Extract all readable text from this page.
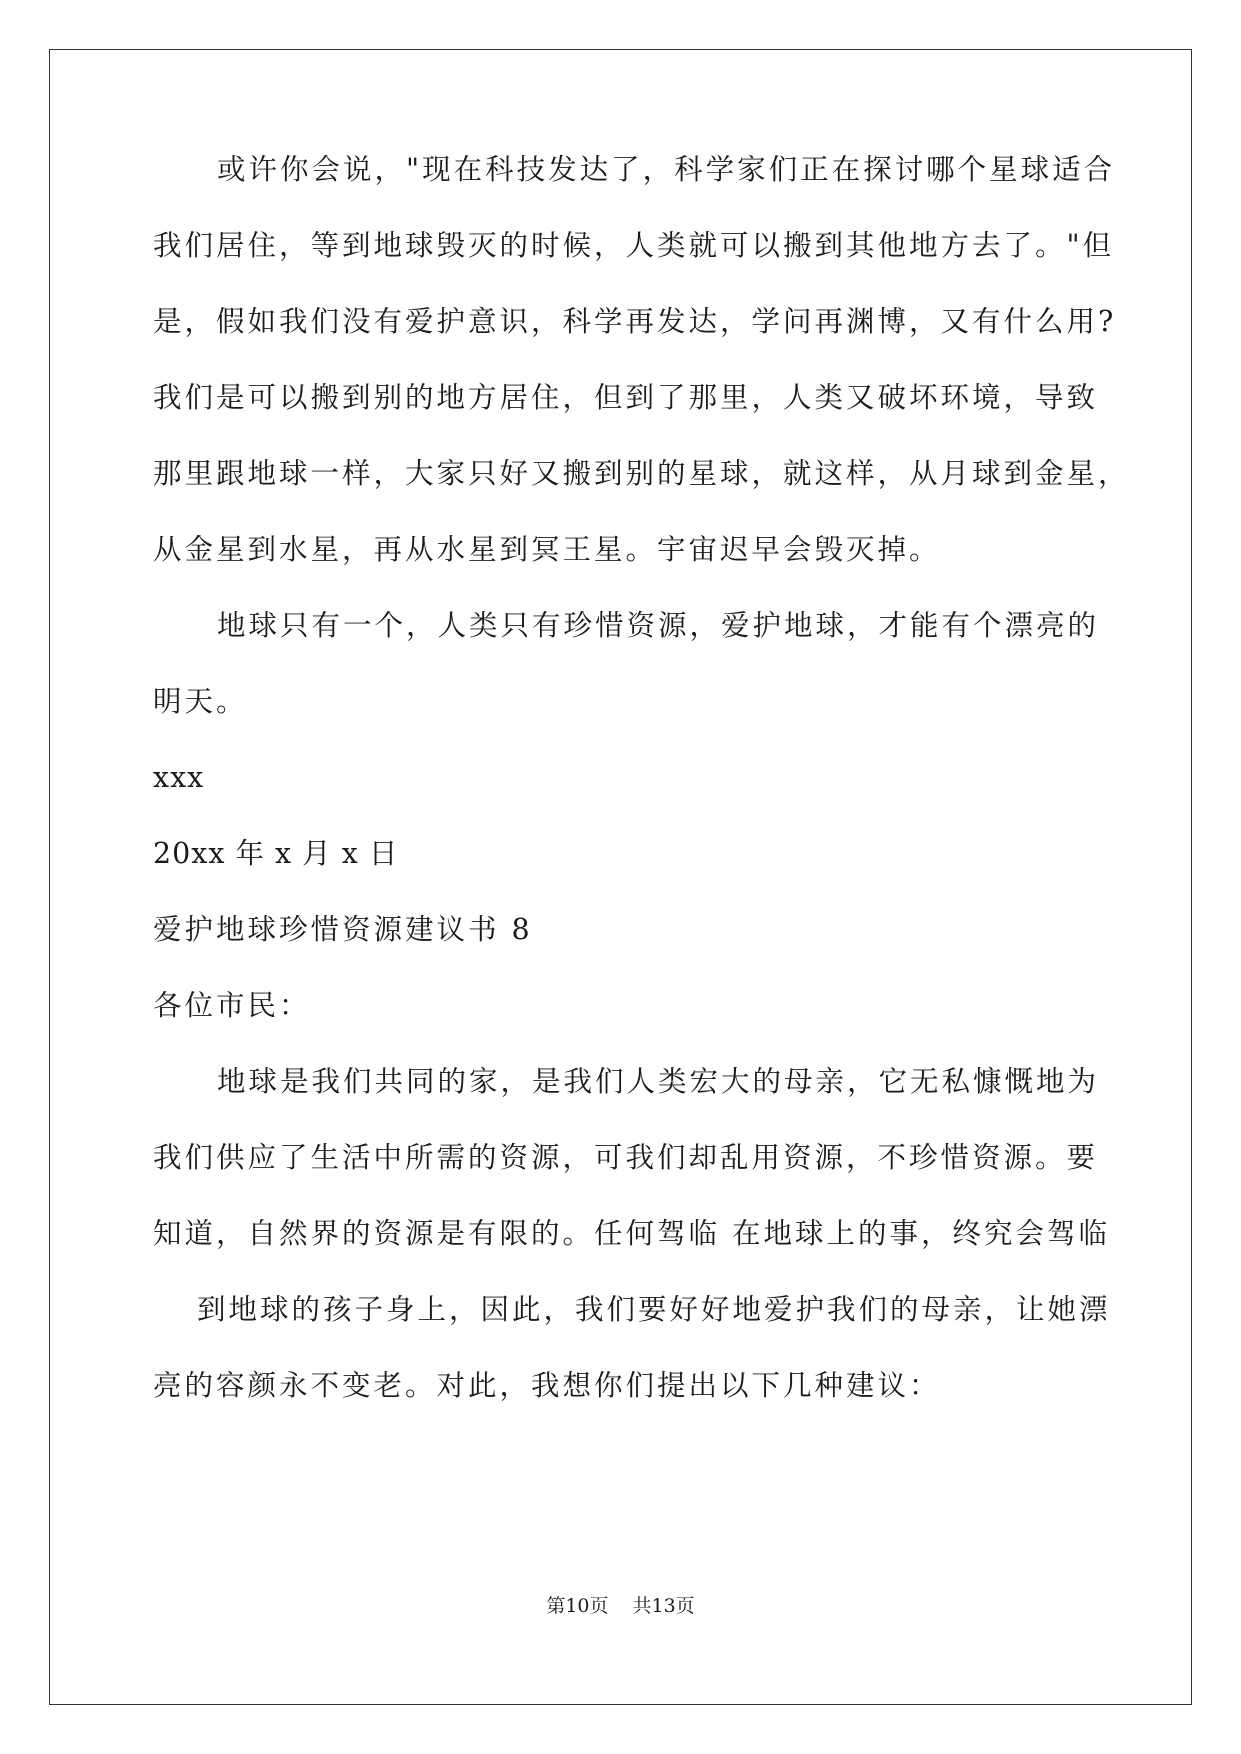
或许你会说，"现在科技发达了，科学家们正在探讨哪个星球适合
我们居住，等到地球毁灭的时候，人类就可以搬到其他地方去了。"但
是，假如我们没有爱护意识，科学再发达，学问再渊博，又有什么用?
我们是可以搬到别的地方居住，但到了那里，人类又破坏环境，导致
那里跟地球一样，大家只好又搬到别的星球，就这样，从月球到金星，
从金星到水星，再从水星到冥王星。宇宙迟早会毁灭掉。
地球只有一个，人类只有珍惜资源，爱护地球，才能有个漂亮的
明天。
xxx
20xx 年 x 月 x 日
爱护地球珍惜资源建议书 8
各位市民：
地球是我们共同的家，是我们人类宏大的母亲，它无私慷慨地为
我们供应了生活中所需的资源，可我们却乱用资源，不珍惜资源。要
知道，自然界的资源是有限的。任何驾临 在地球上的事，终究会驾临
到地球的孩子身上，因此，我们要好好地爱护我们的母亲，让她漂
亮的容颜永不变老。对此，我想你们提出以下几种建议：
第10页 共13页
